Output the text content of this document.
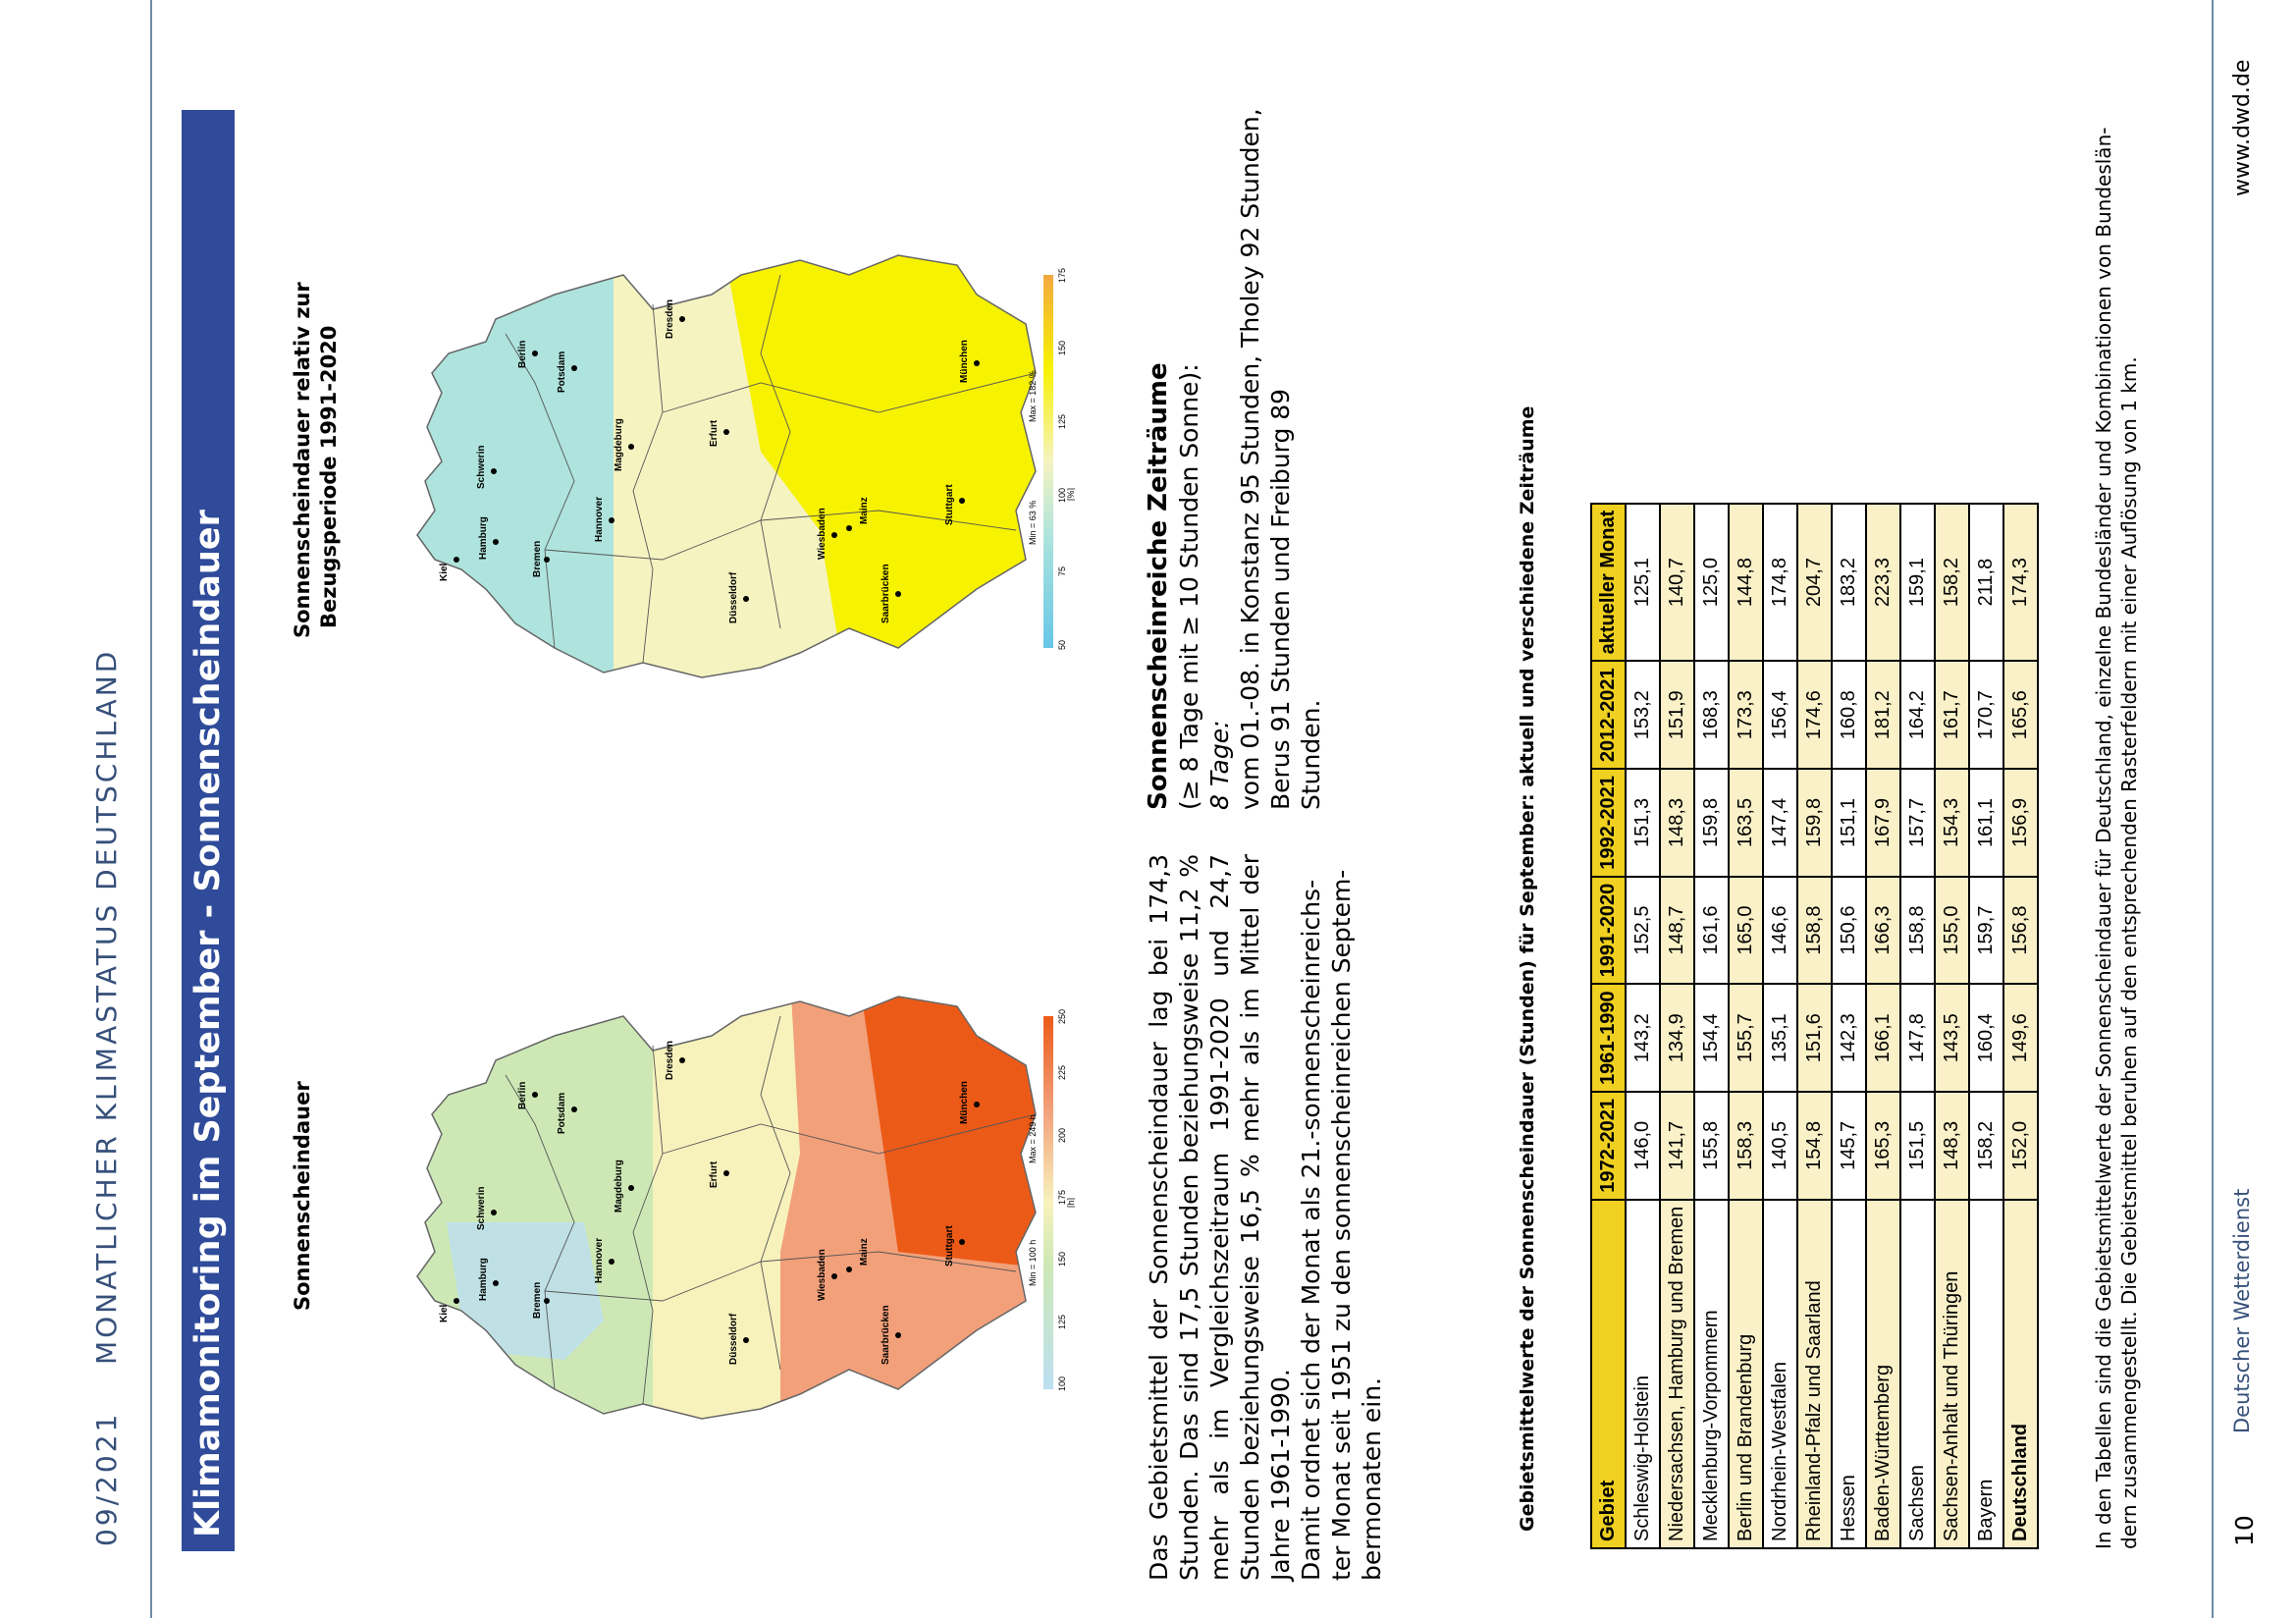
09/2021    MONATLICHER KLIMASTATUS DEUTSCHLAND Klimamonitoring im September - Sonnenscheindauer	Sonnenscheindauer
Sonnenscheindauer relativ zur Bezugsperiode 1991-2020
Kiel
Hamburg
Schwerin
Bremen
Hannover
Magdeburg
Berlin	Potsdam
Düsseldorf
Erfurt
Dresden
Wiesbaden	Mainz
Saarbrücken
Stuttgart
München
100
125
150
175
200
225
250
[h]
Min = 100 h
Max = 249 h
Kiel
Hamburg
Schwerin
Bremen
Hannover
Magdeburg
Berlin	Potsdam
Düsseldorf
Erfurt
Dresden
Wiesbaden	Mainz
Saarbrücken
Stuttgart
München
50
75
100
125
150
175
[%]
Min = 63 %
Max = 182 %

Das Gebietsmittel der Sonnenscheindauer lag bei 174,3 Stunden. Das sind 17,5 Stunden beziehungsweise 11,2 % mehr als im Vergleichszeitraum 1991-2020 und 24,7 Stunden beziehungsweise 16,5 % mehr als im Mittel der Jahre 1961-1990. Damit ordnet sich der Monat als 21.-sonnenscheinreichs-ter Monat seit 1951 zu den sonnenscheinreichen Septem-bermonaten ein.

Sonnenscheinreiche Zeiträume (≥ 8 Tage mit ≥ 10 Stunden Sonne): 8 Tage: vom 01.-08. in Konstanz 95 Stunden, Tholey 92 Stunden, Berus 91 Stunden und Freiburg 89 Stunden.	Gebietsmittelwerte der Sonnenscheindauer (Stunden) für September: aktuell und verschiedene Zeiträume	Gebiet	1972-2021	1961-1990	1991-2020	1992-2021	2012-2021	aktueller Monat
Schleswig-Holstein	146,0	143,2	152,5	151,3	153,2	125,1
Niedersachsen, Hamburg und Bremen	141,7	134,9	148,7	148,3	151,9	140,7
Mecklenburg-Vorpommern	155,8	154,4	161,6	159,8	168,3	125,0
Berlin und Brandenburg	158,3	155,7	165,0	163,5	173,3	144,8
Nordrhein-Westfalen	140,5	135,1	146,6	147,4	156,4	174,8
Rheinland-Pfalz und Saarland	154,8	151,6	158,8	159,8	174,6	204,7
Hessen	145,7	142,3	150,6	151,1	160,8	183,2
Baden-Württemberg	165,3	166,1	166,3	167,9	181,2	223,3
Sachsen	151,5	147,8	158,8	157,7	164,2	159,1
Sachsen-Anhalt und Thüringen	148,3	143,5	155,0	154,3	161,7	158,2
Bayern	158,2	160,4	159,7	161,1	170,7	211,8
Deutschland	152,0	149,6	156,8	156,9	165,6	174,3	In den Tabellen sind die Gebietsmittelwerte der Sonnenscheindauer für Deutschland, einzelne Bundesländer und Kombinationen von Bundeslän- dern zusammengestellt. Die Gebietsmittel beruhen auf den entsprechenden Rasterfeldern mit einer Auflösung von 1 km.	10
Deutscher Wetterdienst
www.dwd.de
